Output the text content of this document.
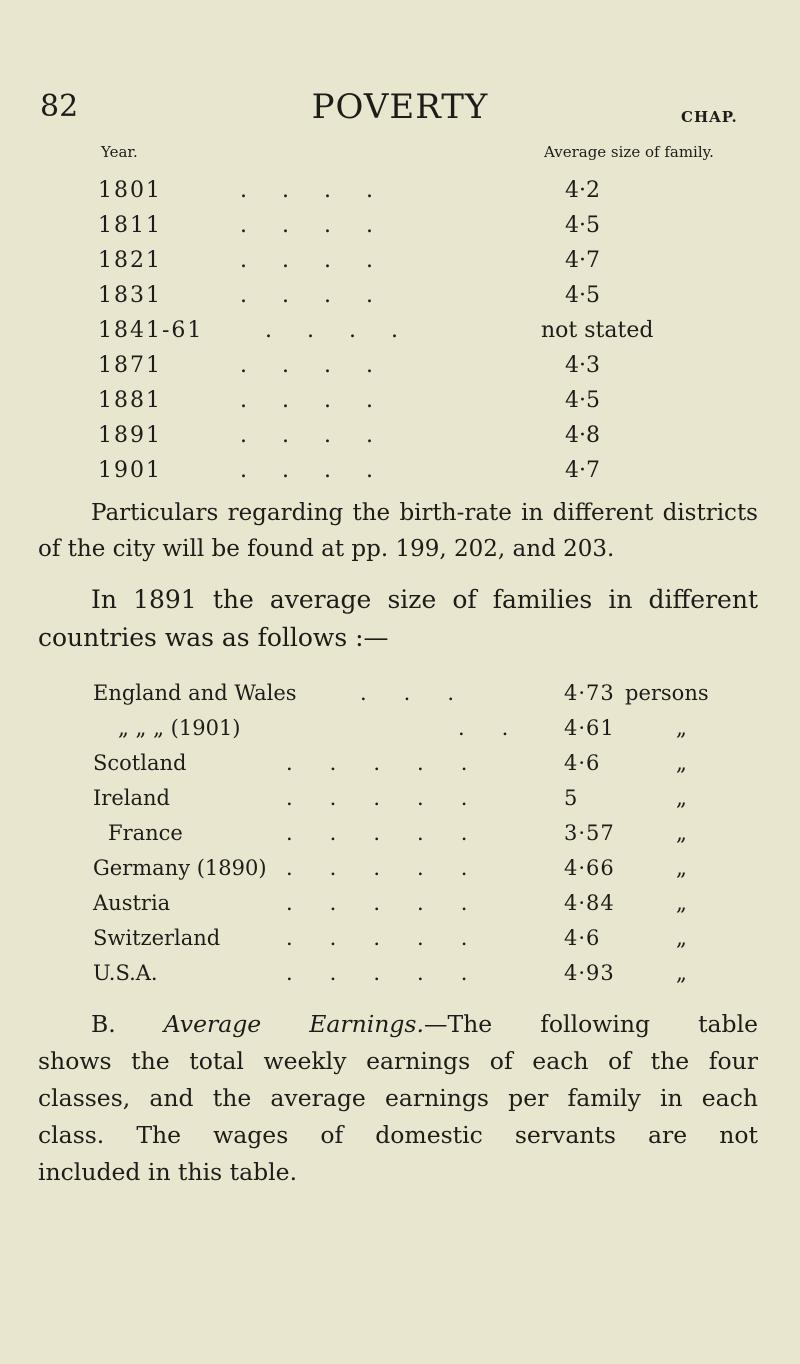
82	POVERTY	CHAP.
Year.	Average size of family.
1801	....	4·2
1811	....	4·5
1821	....	4·7
1831	....	4·5
1841-61	....	not stated
1871	....	4·3
1881	....	4·5
1891	....	4·8
1901	....	4·7
Particulars regarding the birth-rate in different districts
of the city will be found at pp. 199, 202, and 203.
In 1891 the average size of families in different
countries was as follows :—
England and Wales	...	4·73 persons
„ „ „ (1901)	.. 4·61	„
Scotland	.....	4·6	„
Ireland	.....	5	„
France	.....	3·57	„
Germany (1890) .....	4·66	„
Austria	.....	4·84	„
Switzerland	.....	4·6	„
U.S.A.	.....	4·93	„
B. Average Earnings.—The following table
shows the total weekly earnings of each of the four
classes, and the average earnings per family in each
class. The wages of domestic servants are not
included in this table.
